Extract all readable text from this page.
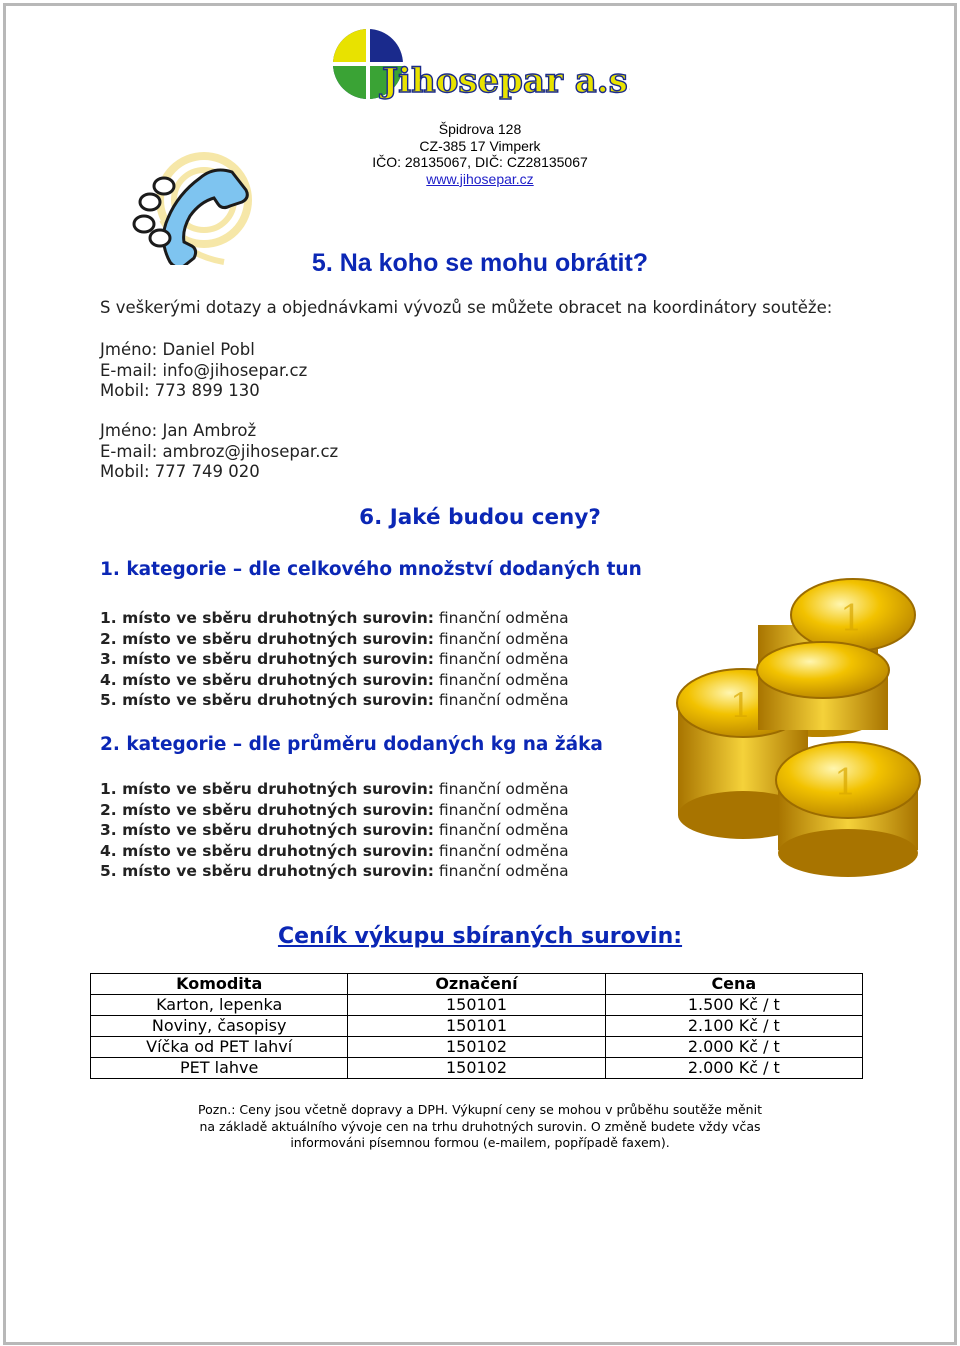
Jihosepar a.s.
Špidrova 128
CZ-385 17 Vimperk
IČO: 28135067, DIČ: CZ28135067
www.jihosepar.cz
5. Na koho se mohu obrátit?
S veškerými dotazy a objednávkami vývozů se můžete obracet na koordinátory soutěže:
Jméno: Daniel Pobl
E-mail: info@jihosepar.cz
Mobil: 773 899 130
Jméno: Jan Ambrož
E-mail: ambroz@jihosepar.cz
Mobil: 777 749 020
6. Jaké budou ceny?
1. kategorie – dle celkového množství dodaných tun
1. místo ve sběru druhotných surovin: finanční odměna
2. místo ve sběru druhotných surovin: finanční odměna
3. místo ve sběru druhotných surovin: finanční odměna
4. místo ve sběru druhotných surovin: finanční odměna
5. místo ve sběru druhotných surovin: finanční odměna
2. kategorie – dle průměru dodaných kg na žáka
1. místo ve sběru druhotných surovin: finanční odměna
2. místo ve sběru druhotných surovin: finanční odměna
3. místo ve sběru druhotných surovin: finanční odměna
4. místo ve sběru druhotných surovin: finanční odměna
5. místo ve sběru druhotných surovin: finanční odměna
1
1
1
Ceník výkupu sbíraných surovin:
Komodita	Označení	Cena
Karton, lepenka	150101	1.500 Kč / t
Noviny, časopisy	150101	2.100 Kč / t
Víčka od PET lahví	150102	2.000 Kč / t
PET lahve	150102	2.000 Kč / t
Pozn.: Ceny jsou včetně dopravy a DPH. Výkupní ceny se mohou v průběhu soutěže měnit
na základě aktuálního vývoje cen na trhu druhotných surovin. O změně budete vždy včas
informováni písemnou formou (e-mailem, popřípadě faxem).
